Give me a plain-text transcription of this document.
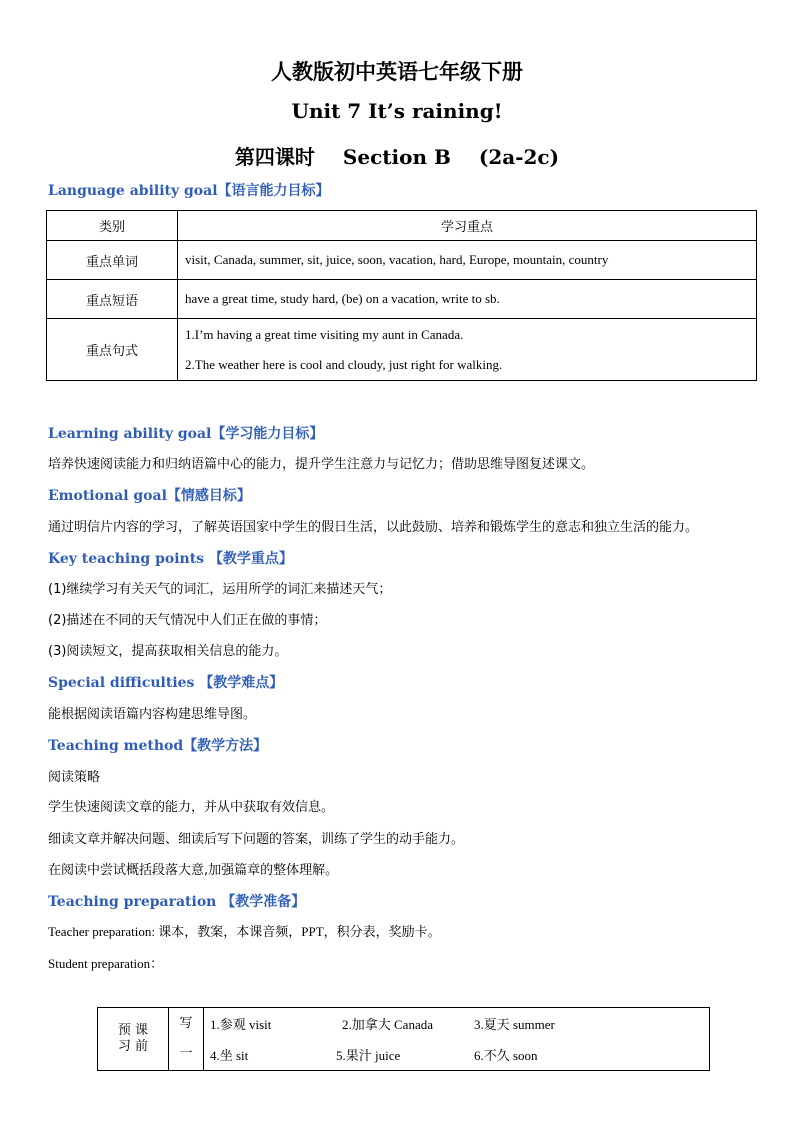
人教版初中英语七年级下册
Unit 7 It’s raining!
第四课时 Section B (2a-2c)
Language ability goal【语言能力目标】
类别	学习重点
重点单词	visit, Canada, summer, sit, juice, soon, vacation, hard, Europe, mountain, country
重点短语	have a great time, study hard, (be) on a vacation, write to sb.
重点句式	1.I’m having a great time visiting my aunt in Canada.
2.The weather here is cool and cloudy, just right for walking.
Learning ability goal【学习能力目标】
培养快速阅读能力和归纳语篇中心的能力，提升学生注意力与记忆力；借助思维导图复述课文。
Emotional goal【情感目标】
通过明信片内容的学习，了解英语国家中学生的假日生活，以此鼓励、培养和锻炼学生的意志和独立生活的能力。
Key teaching points 【教学重点】
(1)继续学习有关天气的词汇，运用所学的词汇来描述天气；
(2)描述在不同的天气情况中人们正在做的事情；
(3)阅读短文，提高获取相关信息的能力。
Special difficulties 【教学难点】
能根据阅读语篇内容构建思维导图。
Teaching method【教学方法】
阅读策略
学生快速阅读文章的能力，并从中获取有效信息。
细读文章并解决问题、细读后写下问题的答案，训练了学生的动手能力。
在阅读中尝试概括段落大意,加强篇章的整体理解。
Teaching preparation 【教学准备】
Teacher preparation: 课本，教案，本课音频，PPT，积分表，奖励卡。
Student preparation：
预 课
习 前

写
一

1.参观 visit	2.加拿大 Canada	3.夏天 summer
4.坐 sit	5.果汁 juice	6.不久 soon
